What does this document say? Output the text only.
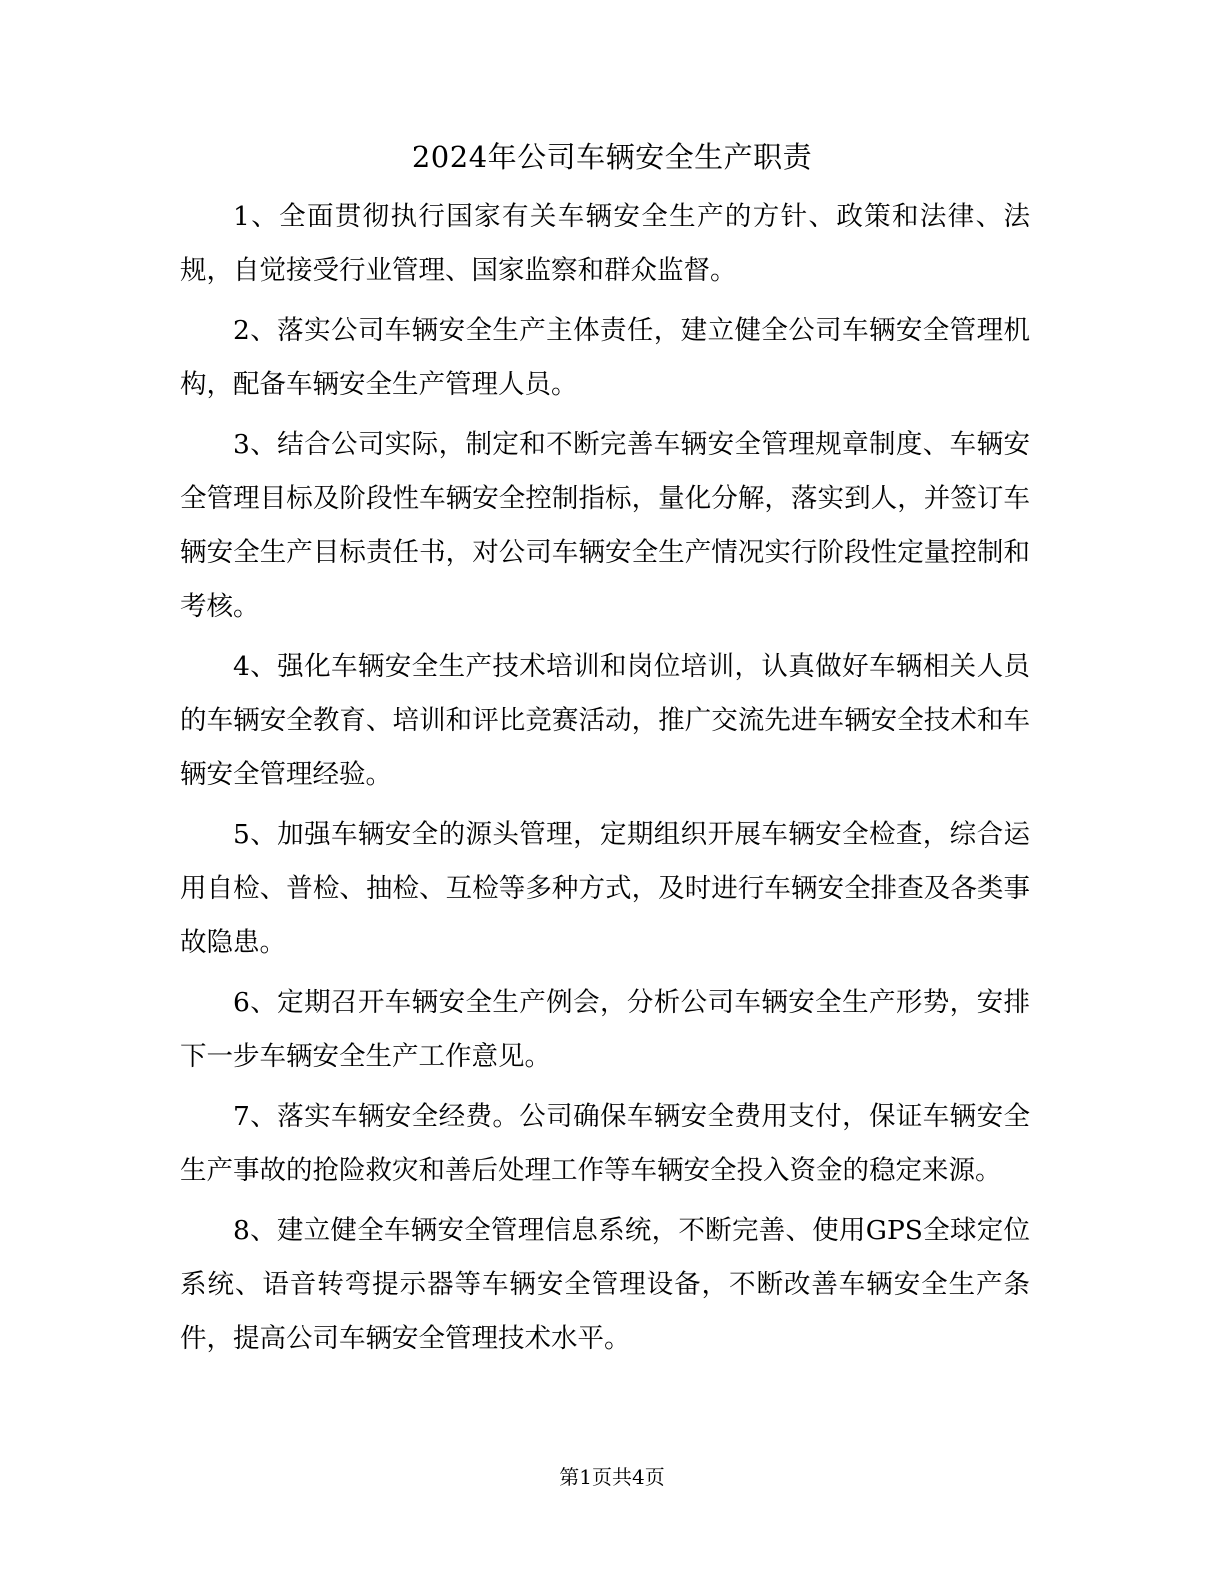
2024年公司车辆安全生产职责

1、全面贯彻执行国家有关车辆安全生产的方针、政策和法律、法规，自觉接受行业管理、国家监察和群众监督。

2、落实公司车辆安全生产主体责任，建立健全公司车辆安全管理机构，配备车辆安全生产管理人员。

3、结合公司实际，制定和不断完善车辆安全管理规章制度、车辆安全管理目标及阶段性车辆安全控制指标，量化分解，落实到人，并签订车辆安全生产目标责任书，对公司车辆安全生产情况实行阶段性定量控制和考核。

4、强化车辆安全生产技术培训和岗位培训，认真做好车辆相关人员的车辆安全教育、培训和评比竞赛活动，推广交流先进车辆安全技术和车辆安全管理经验。

5、加强车辆安全的源头管理，定期组织开展车辆安全检查，综合运用自检、普检、抽检、互检等多种方式，及时进行车辆安全排查及各类事故隐患。

6、定期召开车辆安全生产例会，分析公司车辆安全生产形势，安排下一步车辆安全生产工作意见。

7、落实车辆安全经费。公司确保车辆安全费用支付，保证车辆安全生产事故的抢险救灾和善后处理工作等车辆安全投入资金的稳定来源。

8、建立健全车辆安全管理信息系统，不断完善、使用GPS全球定位系统、语音转弯提示器等车辆安全管理设备，不断改善车辆安全生产条件，提高公司车辆安全管理技术水平。

第1页共4页
